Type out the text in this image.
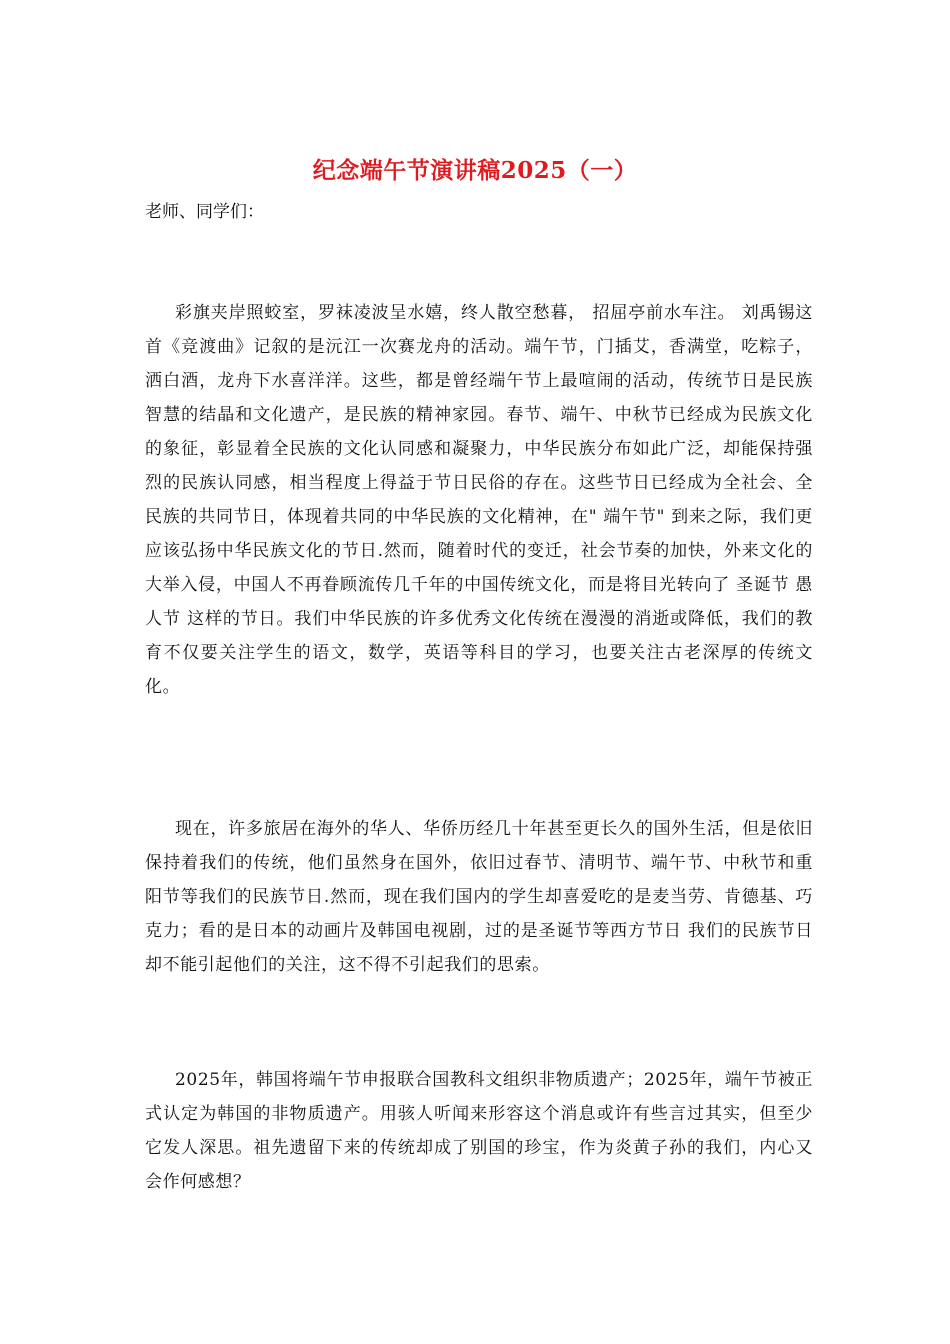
纪念端午节演讲稿2025（一）
老师、同学们：

彩旗夹岸照蛟室，罗袜凌波呈水嬉，终人散空愁暮， 招屈亭前水车注。 刘禹锡这首《竞渡曲》记叙的是沅江一次赛龙舟的活动。端午节，门插艾，香满堂，吃粽子，洒白酒，龙舟下水喜洋洋。这些，都是曾经端午节上最喧闹的活动，传统节日是民族智慧的结晶和文化遗产，是民族的精神家园。春节、端午、中秋节已经成为民族文化的象征，彰显着全民族的文化认同感和凝聚力，中华民族分布如此广泛，却能保持强烈的民族认同感，相当程度上得益于节日民俗的存在。这些节日已经成为全社会、全民族的共同节日，体现着共同的中华民族的文化精神，在" 端午节" 到来之际，我们更应该弘扬中华民族文化的节日.然而，随着时代的变迁，社会节奏的加快，外来文化的大举入侵，中国人不再眷顾流传几千年的中国传统文化，而是将目光转向了 圣诞节 愚人节 这样的节日。我们中华民族的许多优秀文化传统在漫漫的消逝或降低，我们的教育不仅要关注学生的语文，数学，英语等科目的学习，也要关注古老深厚的传统文化。

现在，许多旅居在海外的华人、华侨历经几十年甚至更长久的国外生活，但是依旧保持着我们的传统，他们虽然身在国外，依旧过春节、清明节、端午节、中秋节和重阳节等我们的民族节日.然而，现在我们国内的学生却喜爱吃的是麦当劳、肯德基、巧克力；看的是日本的动画片及韩国电视剧，过的是圣诞节等西方节日 我们的民族节日却不能引起他们的关注，这不得不引起我们的思索。

2025年，韩国将端午节申报联合国教科文组织非物质遗产；2025年，端午节被正式认定为韩国的非物质遗产。用骇人听闻来形容这个消息或许有些言过其实，但至少它发人深思。祖先遗留下来的传统却成了别国的珍宝，作为炎黄子孙的我们，内心又会作何感想？
